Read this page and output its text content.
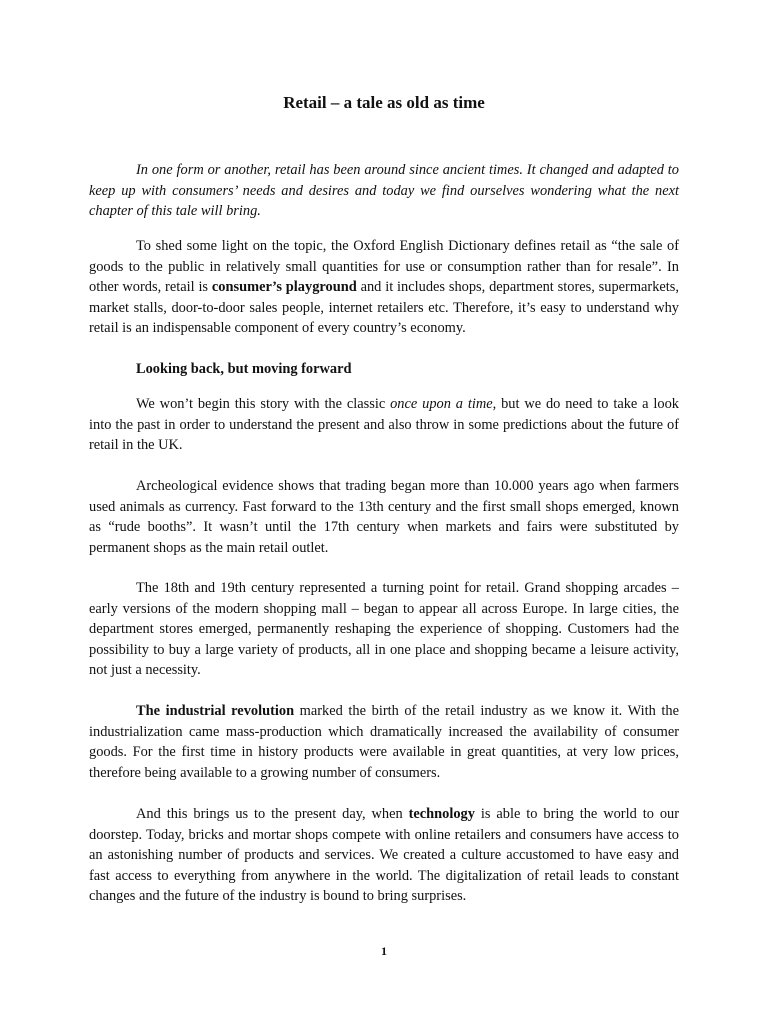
Retail – a tale as old as time

In one form or another, retail has been around since ancient times. It changed and adapted to keep up with consumers’ needs and desires and today we find ourselves wondering what the next chapter of this tale will bring.

To shed some light on the topic, the Oxford English Dictionary defines retail as “the sale of goods to the public in relatively small quantities for use or consumption rather than for resale”. In other words, retail is consumer’s playground and it includes shops, department stores, supermarkets, market stalls, door-to-door sales people, internet retailers etc. Therefore, it’s easy to understand why retail is an indispensable component of every country’s economy.

Looking back, but moving forward

We won’t begin this story with the classic once upon a time, but we do need to take a look into the past in order to understand the present and also throw in some predictions about the future of retail in the UK.

Archeological evidence shows that trading began more than 10.000 years ago when farmers used animals as currency. Fast forward to the 13th century and the first small shops emerged, known as “rude booths”. It wasn’t until the 17th century when markets and fairs were substituted by permanent shops as the main retail outlet.

The 18th and 19th century represented a turning point for retail. Grand shopping arcades – early versions of the modern shopping mall – began to appear all across Europe. In large cities, the department stores emerged, permanently reshaping the experience of shopping. Customers had the possibility to buy a large variety of products, all in one place and shopping became a leisure activity, not just a necessity.

The industrial revolution marked the birth of the retail industry as we know it. With the industrialization came mass-production which dramatically increased the availability of consumer goods. For the first time in history products were available in great quantities, at very low prices, therefore being available to a growing number of consumers.

And this brings us to the present day, when technology is able to bring the world to our doorstep. Today, bricks and mortar shops compete with online retailers and consumers have access to an astonishing number of products and services. We created a culture accustomed to have easy and fast access to everything from anywhere in the world. The digitalization of retail leads to constant changes and the future of the industry is bound to bring surprises.

1
